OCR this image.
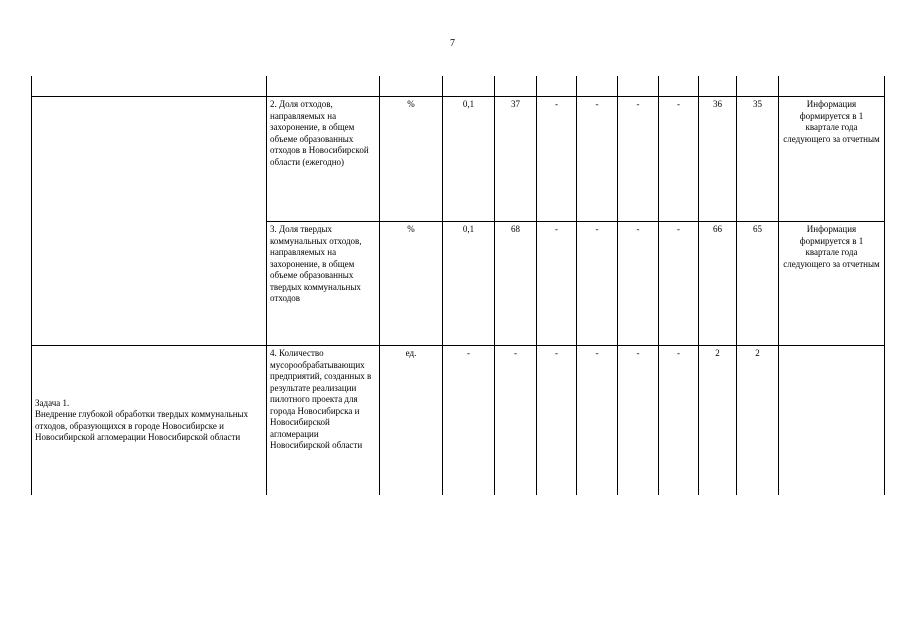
7

	2. Доля отходов, направляемых на захоронение, в общем объеме образованных отходов в Новосибирской области (ежегодно)	%	0,1	37	-	-	-	-	36	35	Информация формируется в 1 квартале года следующего за отчетным
	3. Доля твердых коммунальных отходов, направляемых на захоронение, в общем объеме образованных твердых коммунальных отходов	%	0,1	68	-	-	-	-	66	65	Информация формируется в 1 квартале года следующего за отчетным
Задача 1.
Внедрение глубокой обработки твердых коммунальных отходов, образующихся в городе Новосибирске и Новосибирской агломерации Новосибирской области	4. Количество мусорообрабатывающих предприятий, созданных в результате реализации пилотного проекта для города Новосибирска и Новосибирской агломерации Новосибирской области	ед.	-	-	-	-	-	-	2	2	
